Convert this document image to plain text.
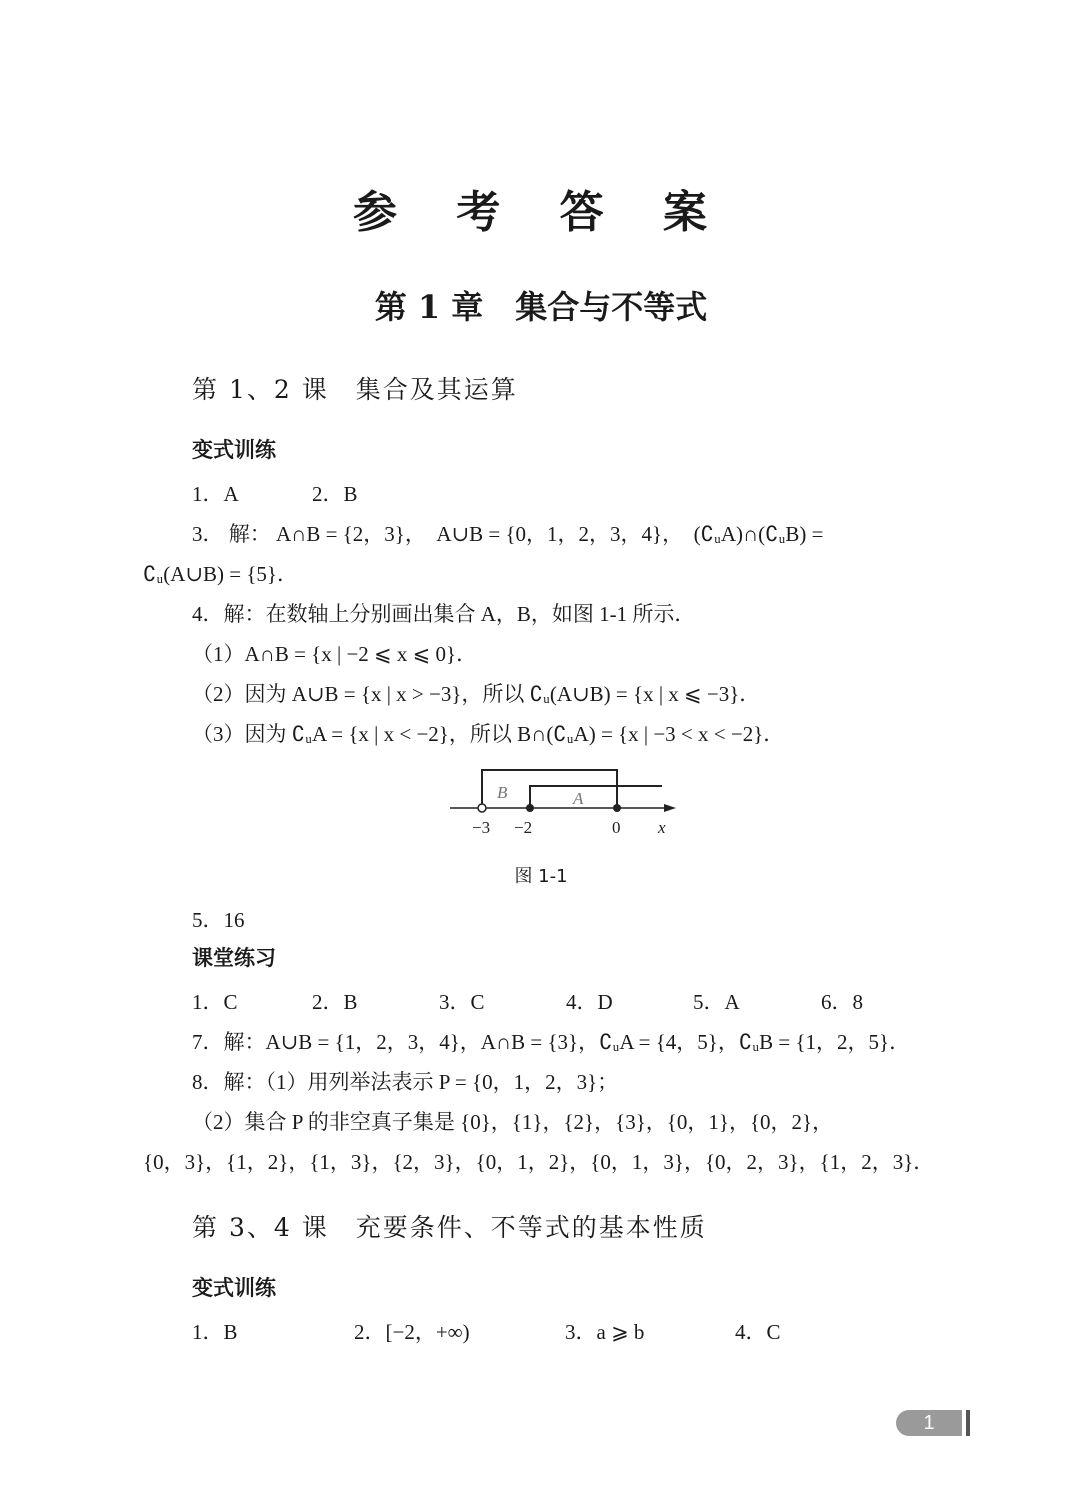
参 考 答 案
第 1 章　集合与不等式
第 1、2 课　集合及其运算
变式训练
1．A	2．B
3． 解： A∩B = {2，3}，　A∪B = {0，1，2，3，4}，　(∁ᵤA)∩(∁ᵤB) =
∁ᵤ(A∪B) = {5}．
4．解：在数轴上分别画出集合 A，B，如图 1-1 所示．
（1）A∩B = {x | −2 ⩽ x ⩽ 0}．
（2）因为 A∪B = {x | x > −3}，所以 ∁ᵤ(A∪B) = {x | x ⩽ −3}．
（3）因为 ∁ᵤA = {x | x < −2}，所以 B∩(∁ᵤA) = {x | −3 < x < −2}．
B	A
−3 −2	0 x
图 1-1
5．16
课堂练习
1．C	2．B	3．C	4．D	5．A	6．8
7．解：A∪B = {1，2，3，4}，A∩B = {3}，∁ᵤA = {4，5}，∁ᵤB = {1，2，5}．
8．解：（1）用列举法表示 P = {0，1，2，3}；
（2）集合 P 的非空真子集是 {0}，{1}，{2}，{3}，{0，1}，{0，2}，
{0，3}，{1，2}，{1，3}，{2，3}，{0，1，2}，{0，1，3}，{0，2，3}，{1，2，3}．
第 3、4 课　充要条件、不等式的基本性质
变式训练
1．B	2．[−2，+∞)	3．a ⩾ b	4．C
1
